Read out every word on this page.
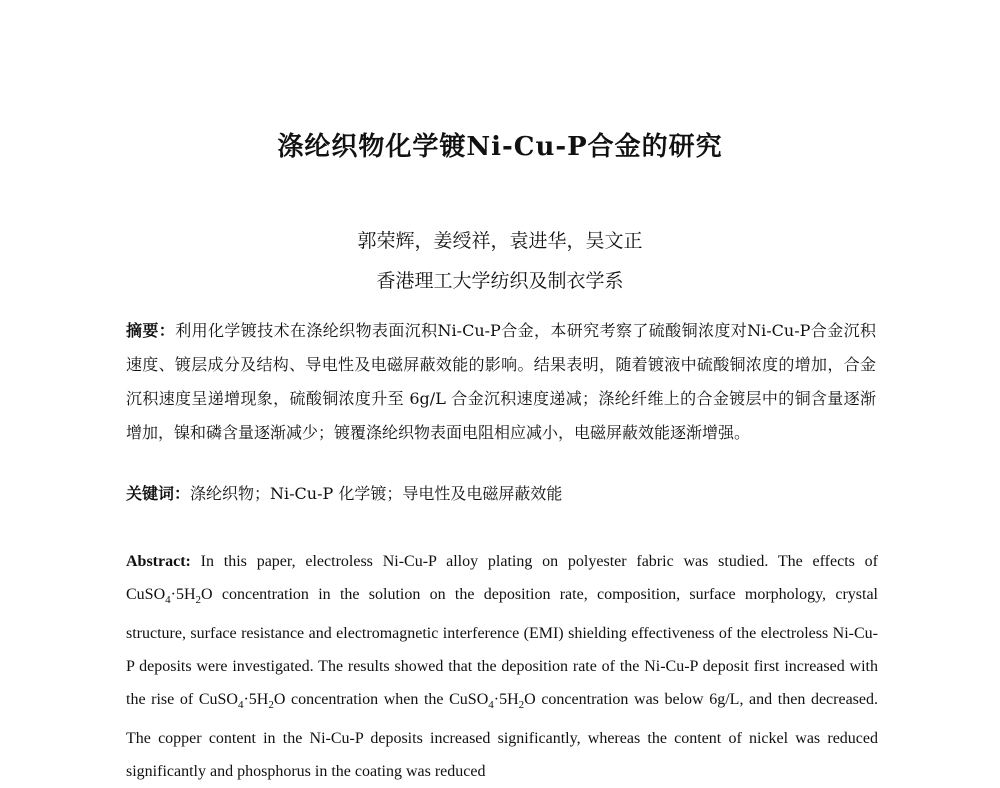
涤纶织物化学镀Ni-Cu-P合金的研究
郭荣辉，姜绶祥，袁进华，吴文正
香港理工大学纺织及制衣学系
摘要：利用化学镀技术在涤纶织物表面沉积Ni-Cu-P合金，本研究考察了硫酸铜浓度对Ni-Cu-P合金沉积速度、镀层成分及结构、导电性及电磁屏蔽效能的影响。结果表明，随着镀液中硫酸铜浓度的增加，合金沉积速度呈递增现象，硫酸铜浓度升至 6g/L 合金沉积速度递减；涤纶纤维上的合金镀层中的铜含量逐渐增加，镍和磷含量逐渐减少；镀覆涤纶织物表面电阻相应减小，电磁屏蔽效能逐渐增强。
关键词：涤纶织物；Ni-Cu-P 化学镀；导电性及电磁屏蔽效能
Abstract: In this paper, electroless Ni-Cu-P alloy plating on polyester fabric was studied. The effects of $CuSO_4\cdot 5H_2O$ concentration in the solution on the deposition rate, composition, surface morphology, crystal structure, surface resistance and electromagnetic interference (EMI) shielding effectiveness of the electroless Ni-Cu-P deposits were investigated. The results showed that the deposition rate of the Ni-Cu-P deposit first increased with the rise of $CuSO_4\cdot 5H_2O$ concentration when the $CuSO_4\cdot 5H_2O$ concentration was below 6g/L, and then decreased. The copper content in the Ni-Cu-P deposits increased significantly, whereas the content of nickel was reduced significantly and phosphorus in the coating was reduced
